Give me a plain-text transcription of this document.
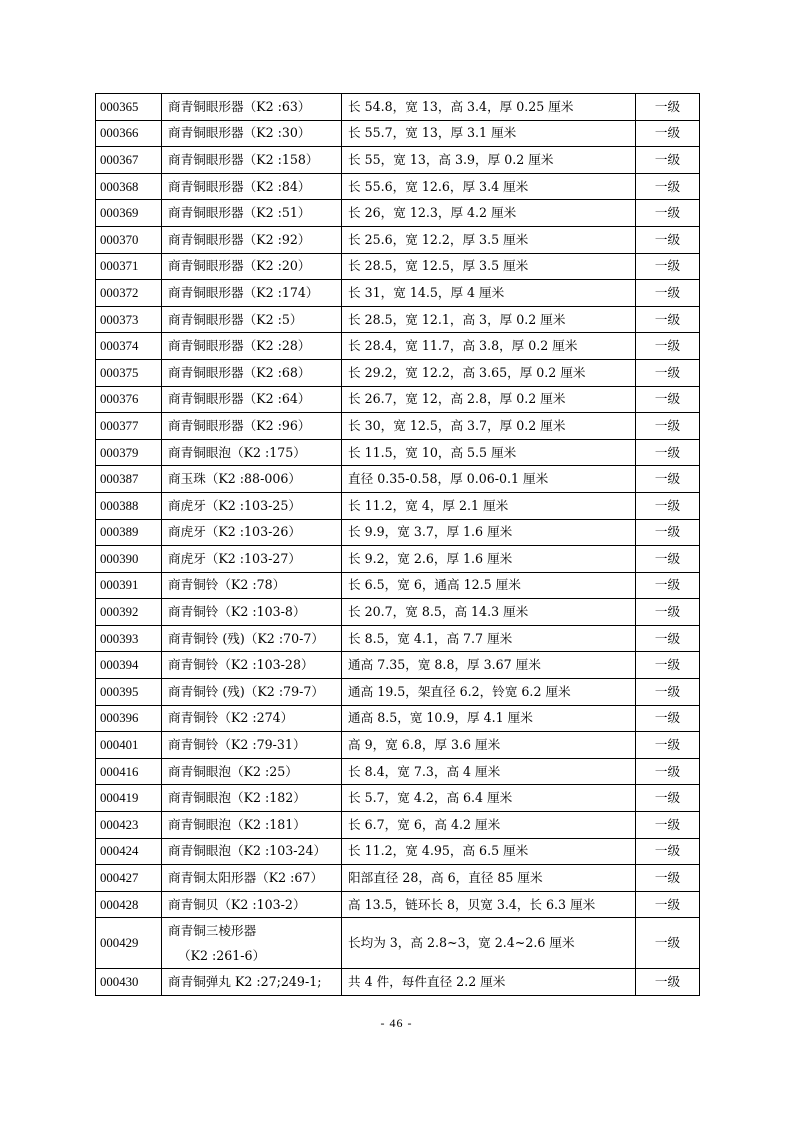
000365	商青铜眼形器（K2 :63）	长 54.8，宽 13，高 3.4，厚 0.25 厘米	一级
000366	商青铜眼形器（K2 :30）	长 55.7，宽 13，厚 3.1 厘米	一级
000367	商青铜眼形器（K2 :158）	长 55，宽 13，高 3.9，厚 0.2 厘米	一级
000368	商青铜眼形器（K2 :84）	长 55.6，宽 12.6，厚 3.4 厘米	一级
000369	商青铜眼形器（K2 :51）	长 26，宽 12.3，厚 4.2 厘米	一级
000370	商青铜眼形器（K2 :92）	长 25.6，宽 12.2，厚 3.5 厘米	一级
000371	商青铜眼形器（K2 :20）	长 28.5，宽 12.5，厚 3.5 厘米	一级
000372	商青铜眼形器（K2 :174）	长 31，宽 14.5，厚 4 厘米	一级
000373	商青铜眼形器（K2 :5）	长 28.5，宽 12.1，高 3，厚 0.2 厘米	一级
000374	商青铜眼形器（K2 :28）	长 28.4，宽 11.7，高 3.8，厚 0.2 厘米	一级
000375	商青铜眼形器（K2 :68）	长 29.2，宽 12.2，高 3.65，厚 0.2 厘米	一级
000376	商青铜眼形器（K2 :64）	长 26.7，宽 12，高 2.8，厚 0.2 厘米	一级
000377	商青铜眼形器（K2 :96）	长 30，宽 12.5，高 3.7，厚 0.2 厘米	一级
000379	商青铜眼泡（K2 :175）	长 11.5，宽 10，高 5.5 厘米	一级
000387	商玉珠（K2 :88-006）	直径 0.35-0.58，厚 0.06-0.1 厘米	一级
000388	商虎牙（K2 :103-25）	长 11.2，宽 4，厚 2.1 厘米	一级
000389	商虎牙（K2 :103-26）	长 9.9，宽 3.7，厚 1.6 厘米	一级
000390	商虎牙（K2 :103-27）	长 9.2，宽 2.6，厚 1.6 厘米	一级
000391	商青铜铃（K2 :78）	长 6.5，宽 6，通高 12.5 厘米	一级
000392	商青铜铃（K2 :103-8）	长 20.7，宽 8.5，高 14.3 厘米	一级
000393	商青铜铃 (残)（K2 :70-7）	长 8.5，宽 4.1，高 7.7 厘米	一级
000394	商青铜铃（K2 :103-28）	通高 7.35，宽 8.8，厚 3.67 厘米	一级
000395	商青铜铃 (残)（K2 :79-7）	通高 19.5，架直径 6.2，铃宽 6.2 厘米	一级
000396	商青铜铃（K2 :274）	通高 8.5，宽 10.9，厚 4.1 厘米	一级
000401	商青铜铃（K2 :79-31）	高 9，宽 6.8，厚 3.6 厘米	一级
000416	商青铜眼泡（K2 :25）	长 8.4，宽 7.3，高 4 厘米	一级
000419	商青铜眼泡（K2 :182）	长 5.7，宽 4.2，高 6.4 厘米	一级
000423	商青铜眼泡（K2 :181）	长 6.7，宽 6，高 4.2 厘米	一级
000424	商青铜眼泡（K2 :103-24）	长 11.2，宽 4.95，高 6.5 厘米	一级
000427	商青铜太阳形器（K2 :67）	阳部直径 28，高 6，直径 85 厘米	一级
000428	商青铜贝（K2 :103-2）	高 13.5，链环长 8，贝宽 3.4，长 6.3 厘米	一级
000429	商青铜三棱形器
（K2 :261-6）	长均为 3，高 2.8~3，宽 2.4~2.6 厘米	一级
000430	商青铜弹丸 K2 :27;249-1;	共 4 件，每件直径 2.2 厘米	一级
- 46 -
